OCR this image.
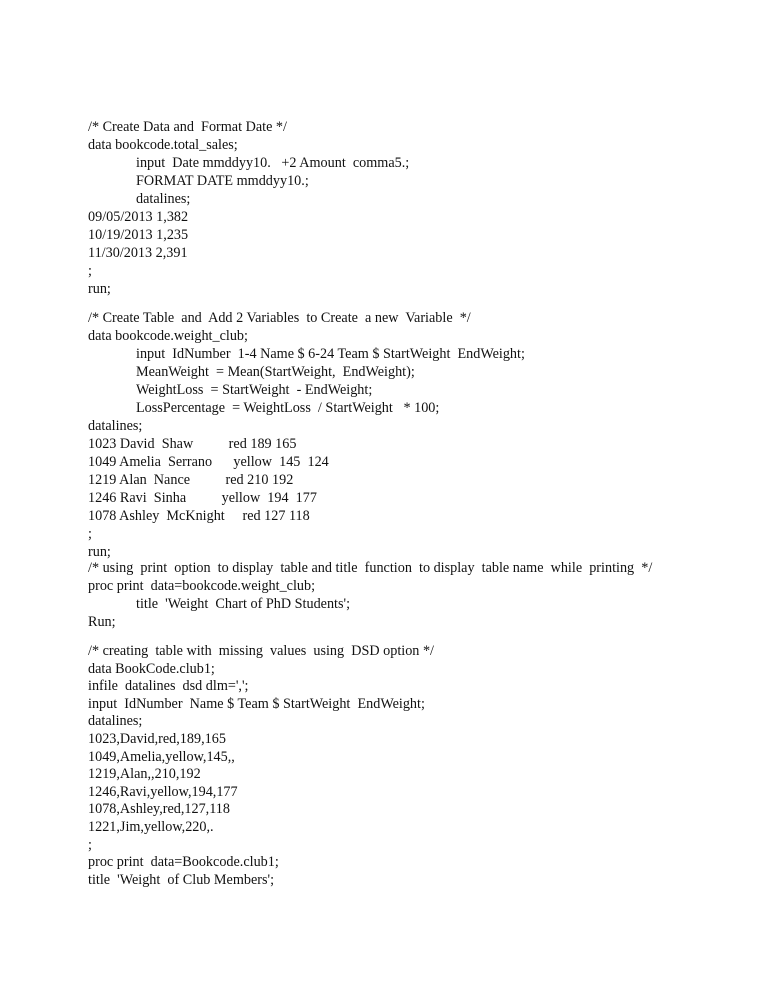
/* Create Data and  Format Date */
data bookcode.total_sales;
input  Date mmddyy10.   +2 Amount  comma5.;
FORMAT DATE mmddyy10.;
datalines;
09/05/2013 1,382
10/19/2013 1,235
11/30/2013 2,391
;
run;
/* Create Table  and  Add 2 Variables  to Create  a new  Variable  */
data bookcode.weight_club;
input  IdNumber  1-4 Name $ 6-24 Team $ StartWeight  EndWeight;
MeanWeight  = Mean(StartWeight,  EndWeight);
WeightLoss  = StartWeight  - EndWeight;
LossPercentage  = WeightLoss  / StartWeight   * 100;
datalines;
1023 David  Shaw          red 189 165
1049 Amelia  Serrano      yellow  145  124
1219 Alan  Nance          red 210 192
1246 Ravi  Sinha          yellow  194  177
1078 Ashley  McKnight     red 127 118
;
run;
/* using  print  option  to display  table and title  function  to display  table name  while  printing  */
proc print  data=bookcode.weight_club;
title  'Weight  Chart of PhD Students';
Run;
/* creating  table with  missing  values  using  DSD option */
data BookCode.club1;
infile  datalines  dsd dlm=',';
input  IdNumber  Name $ Team $ StartWeight  EndWeight;
datalines;
1023,David,red,189,165
1049,Amelia,yellow,145,,
1219,Alan,,210,192
1246,Ravi,yellow,194,177
1078,Ashley,red,127,118
1221,Jim,yellow,220,.
;
proc print  data=Bookcode.club1;
title  'Weight  of Club Members';
